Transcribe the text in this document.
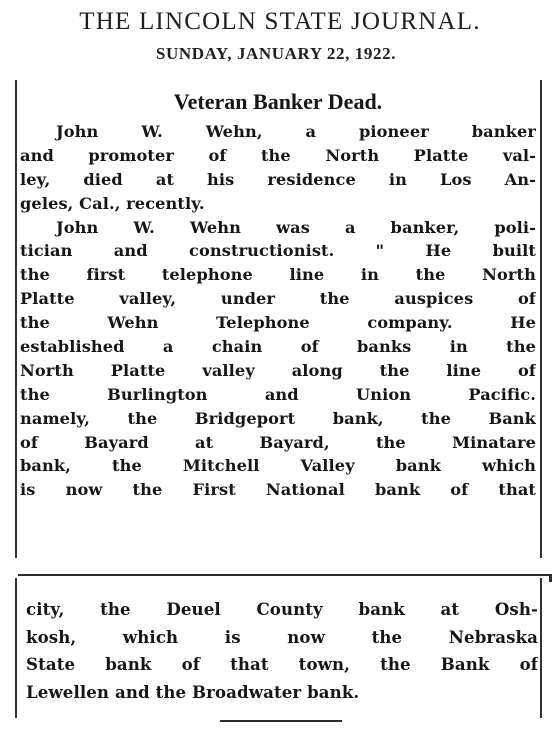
THE LINCOLN STATE JOURNAL.
SUNDAY, JANUARY 22, 1922.
Veteran Banker Dead.
John W. Wehn, a pioneer banker
and promoter of the North Platte val-
ley, died at his residence in Los An-
geles, Cal., recently.
John W. Wehn was a banker, poli-
tician and constructionist. " He built
the first telephone line in the North
Platte valley, under the auspices of
the Wehn Telephone company. He
established a chain of banks in the
North Platte valley along the line of
the Burlington and Union Pacific.
namely, the Bridgeport bank, the Bank
of Bayard at Bayard, the Minatare
bank, the Mitchell Valley bank which
is now the First National bank of that
city, the Deuel County bank at Osh-
kosh, which is now the Nebraska
State bank of that town, the Bank of
Lewellen and the Broadwater bank.
